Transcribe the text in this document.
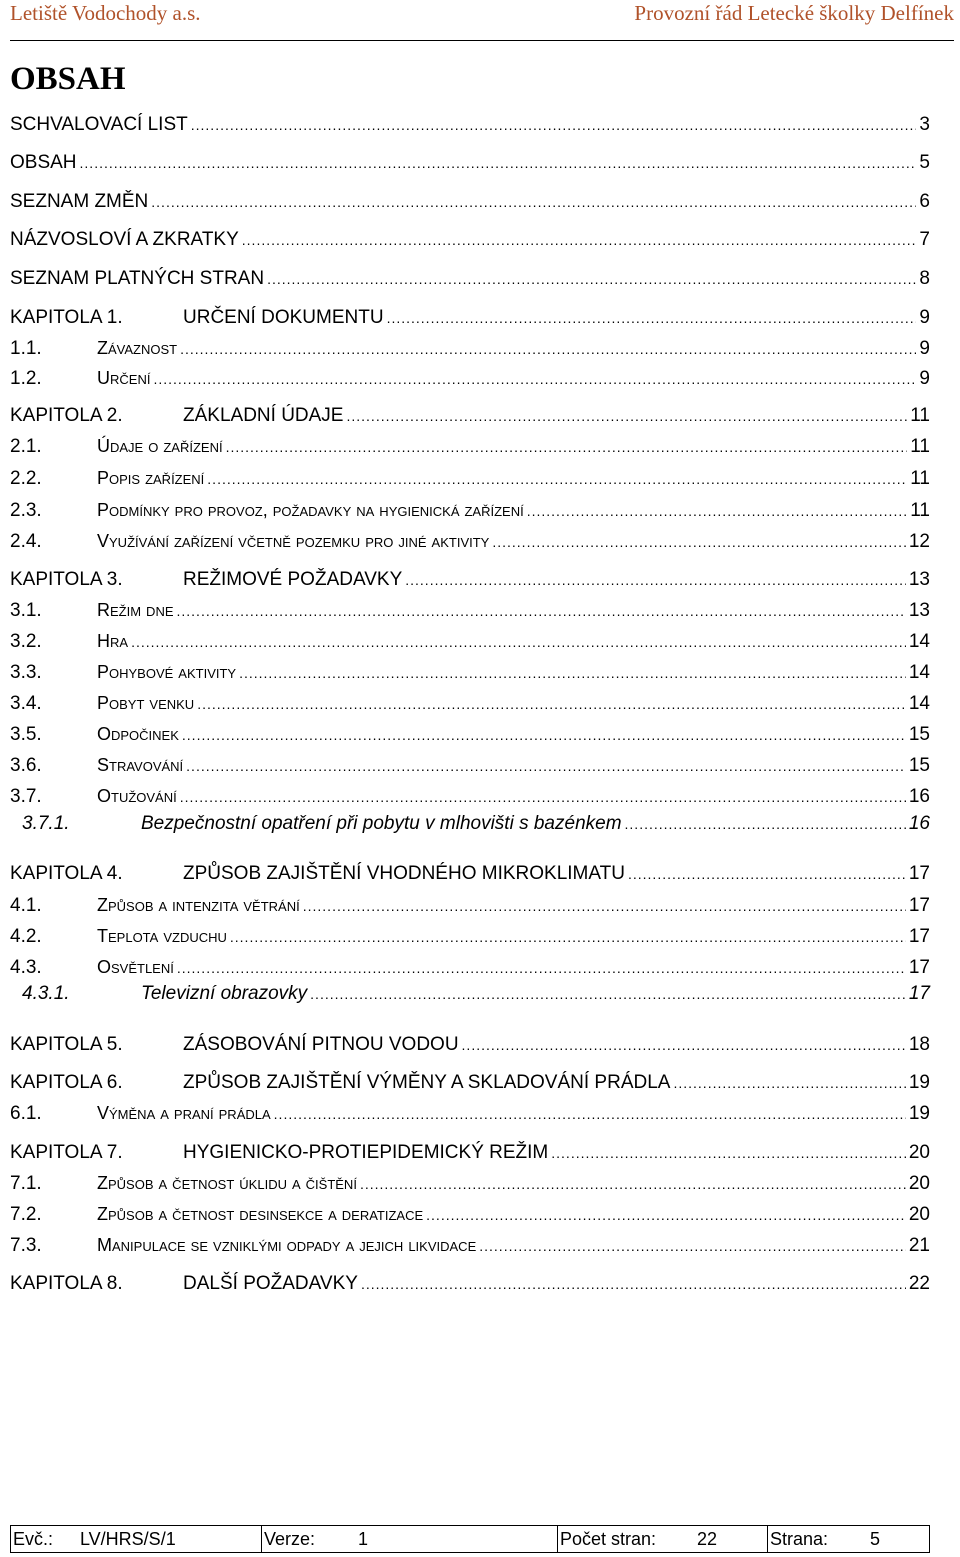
Letiště Vodochody a.s.	Provozní řád Letecké školky Delfínek
OBSAH
SCHVALOVACÍ LIST .....	3
OBSAH .....	5
SEZNAM ZMĚN .....	6
NÁZVOSLOVÍ A ZKRATKY .....	7
SEZNAM PLATNÝCH STRAN .....	8
KAPITOLA 1.	URČENÍ DOKUMENTU .....	9
1.1.	Závaznost .....	9
1.2.	Určení .....	9
KAPITOLA 2.	ZÁKLADNÍ ÚDAJE .....	11
2.1.	Údaje o zařízení .....	11
2.2.	Popis zařízení .....	11
2.3.	Podmínky pro provoz, požadavky na hygienická zařízení .....	11
2.4.	Využívání zařízení včetně pozemku pro jiné aktivity .....	12
KAPITOLA 3.	REŽIMOVÉ POŽADAVKY .....	13
3.1.	Režim dne .....	13
3.2.	Hra .....	14
3.3.	Pohybové aktivity .....	14
3.4.	Pobyt venku .....	14
3.5.	Odpočinek .....	15
3.6.	Stravování .....	15
3.7.	Otužování .....	16
3.7.1.	Bezpečnostní opatření při pobytu v mlhovišti s bazénkem .....	16
KAPITOLA 4.	ZPŮSOB ZAJIŠTĚNÍ VHODNÉHO MIKROKLIMATU .....	17
4.1.	Způsob a intenzita větrání .....	17
4.2.	Teplota vzduchu .....	17
4.3.	Osvětlení .....	17
4.3.1.	Televizní obrazovky .....	17
KAPITOLA 5.	ZÁSOBOVÁNÍ PITNOU VODOU .....	18
KAPITOLA 6.	ZPŮSOB ZAJIŠTĚNÍ VÝMĚNY A SKLADOVÁNÍ PRÁDLA .....	19
6.1.	Výměna a praní prádla .....	19
KAPITOLA 7.	HYGIENICKO-PROTIEPIDEMICKÝ REŽIM .....	20
7.1.	Způsob a četnost úklidu a čištění .....	20
7.2.	Způsob a četnost desinsekce a deratizace .....	20
7.3.	Manipulace se vzniklými odpady a jejich likvidace .....	21
KAPITOLA 8.	DALŠÍ POŽADAVKY .....	22
Evč.:	LV/HRS/S/1	Verze:	1	Počet stran:	22	Strana:	5
